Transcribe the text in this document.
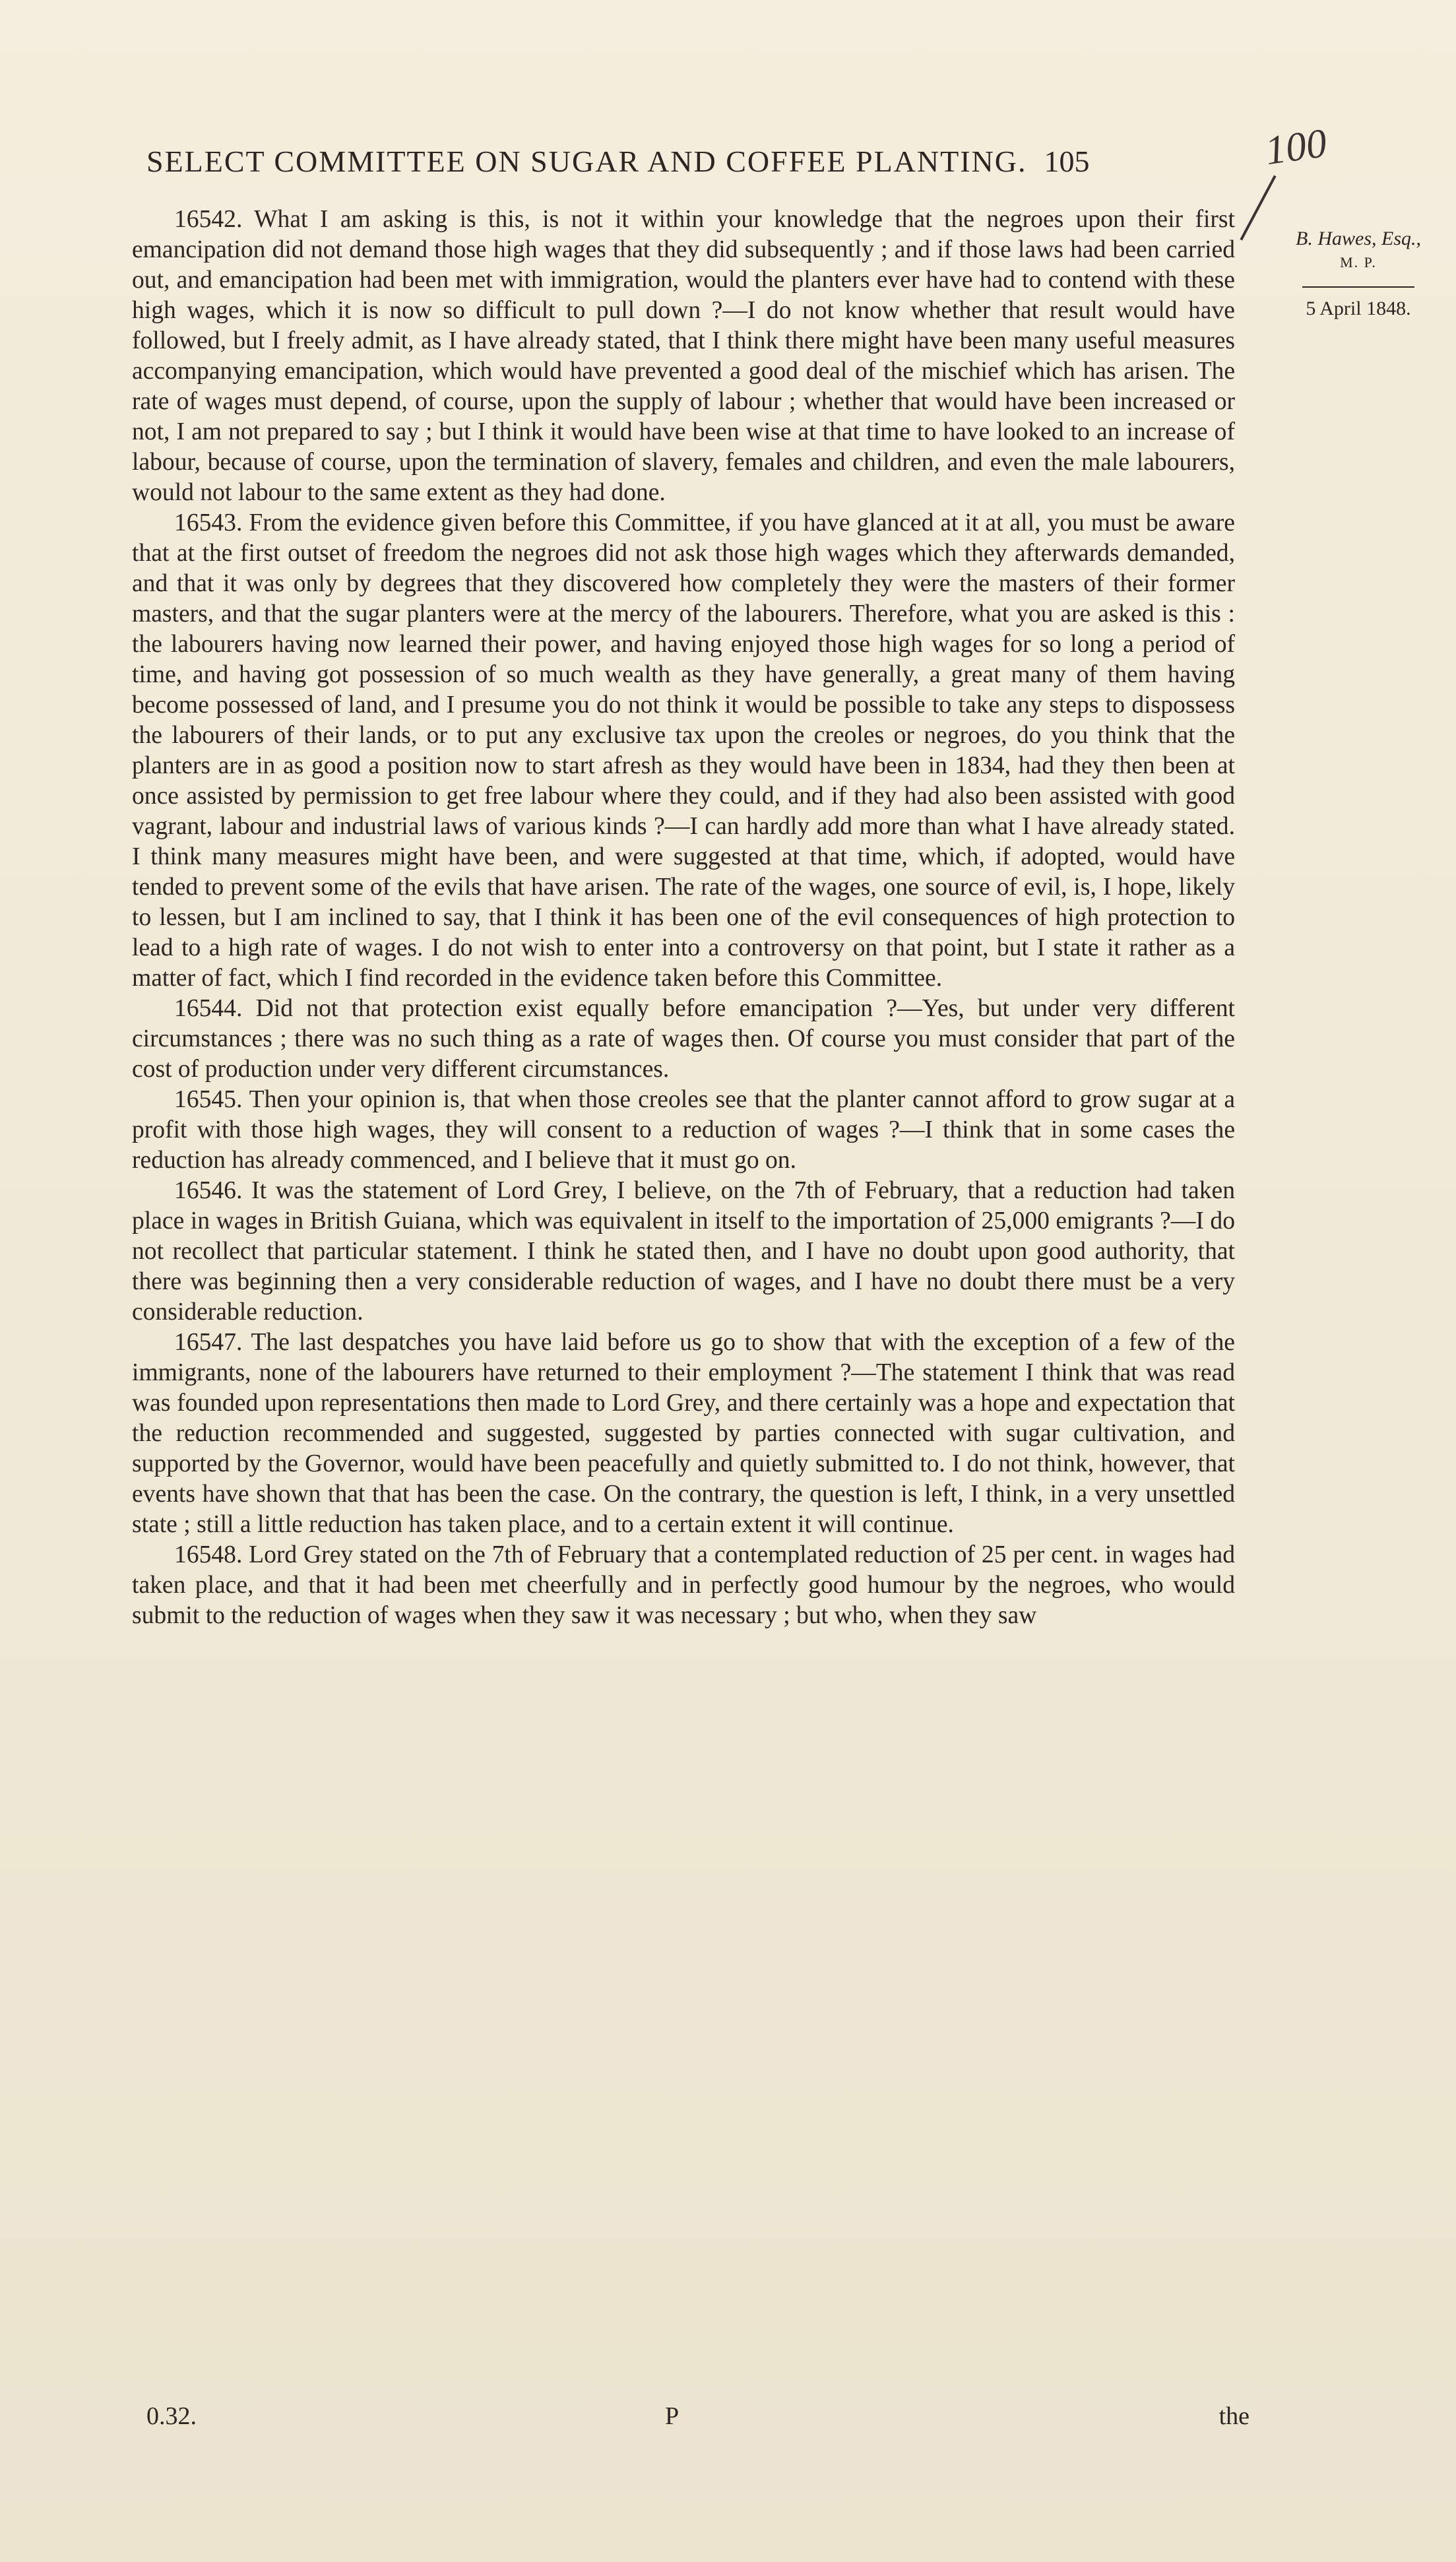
SELECT COMMITTEE ON SUGAR AND COFFEE PLANTING. 105	100
B. Hawes, Esq.,
M. P.
5 April 1848.

16542. What I am asking is this, is not it within your knowledge that the negroes upon their first emancipation did not demand those high wages that they did subsequently ; and if those laws had been carried out, and emancipation had been met with immigration, would the planters ever have had to contend with these high wages, which it is now so difficult to pull down ?—I do not know whether that result would have followed, but I freely admit, as I have already stated, that I think there might have been many useful measures accompanying emancipation, which would have prevented a good deal of the mischief which has arisen. The rate of wages must depend, of course, upon the supply of labour ; whether that would have been increased or not, I am not prepared to say ; but I think it would have been wise at that time to have looked to an increase of labour, because of course, upon the termination of slavery, females and children, and even the male labourers, would not labour to the same extent as they had done.

16543. From the evidence given before this Committee, if you have glanced at it at all, you must be aware that at the first outset of freedom the negroes did not ask those high wages which they afterwards demanded, and that it was only by degrees that they discovered how completely they were the masters of their former masters, and that the sugar planters were at the mercy of the labourers. Therefore, what you are asked is this : the labourers having now learned their power, and having enjoyed those high wages for so long a period of time, and having got possession of so much wealth as they have generally, a great many of them having become possessed of land, and I presume you do not think it would be possible to take any steps to dispossess the labourers of their lands, or to put any exclusive tax upon the creoles or negroes, do you think that the planters are in as good a position now to start afresh as they would have been in 1834, had they then been at once assisted by permission to get free labour where they could, and if they had also been assisted with good vagrant, labour and industrial laws of various kinds ?—I can hardly add more than what I have already stated. I think many measures might have been, and were suggested at that time, which, if adopted, would have tended to prevent some of the evils that have arisen. The rate of the wages, one source of evil, is, I hope, likely to lessen, but I am inclined to say, that I think it has been one of the evil consequences of high protection to lead to a high rate of wages. I do not wish to enter into a controversy on that point, but I state it rather as a matter of fact, which I find recorded in the evidence taken before this Committee.

16544. Did not that protection exist equally before emancipation ?—Yes, but under very different circumstances ; there was no such thing as a rate of wages then. Of course you must consider that part of the cost of production under very different circumstances.

16545. Then your opinion is, that when those creoles see that the planter cannot afford to grow sugar at a profit with those high wages, they will consent to a reduction of wages ?—I think that in some cases the reduction has already commenced, and I believe that it must go on.

16546. It was the statement of Lord Grey, I believe, on the 7th of February, that a reduction had taken place in wages in British Guiana, which was equivalent in itself to the importation of 25,000 emigrants ?—I do not recollect that particular statement. I think he stated then, and I have no doubt upon good authority, that there was beginning then a very considerable reduction of wages, and I have no doubt there must be a very considerable reduction.

16547. The last despatches you have laid before us go to show that with the exception of a few of the immigrants, none of the labourers have returned to their employment ?—The statement I think that was read was founded upon representations then made to Lord Grey, and there certainly was a hope and expectation that the reduction recommended and suggested, suggested by parties connected with sugar cultivation, and supported by the Governor, would have been peacefully and quietly submitted to. I do not think, however, that events have shown that that has been the case. On the contrary, the question is left, I think, in a very unsettled state ; still a little reduction has taken place, and to a certain extent it will continue.

16548. Lord Grey stated on the 7th of February that a contemplated reduction of 25 per cent. in wages had taken place, and that it had been met cheerfully and in perfectly good humour by the negroes, who would submit to the reduction of wages when they saw it was necessary ; but who, when they saw

0.32.	P	the
